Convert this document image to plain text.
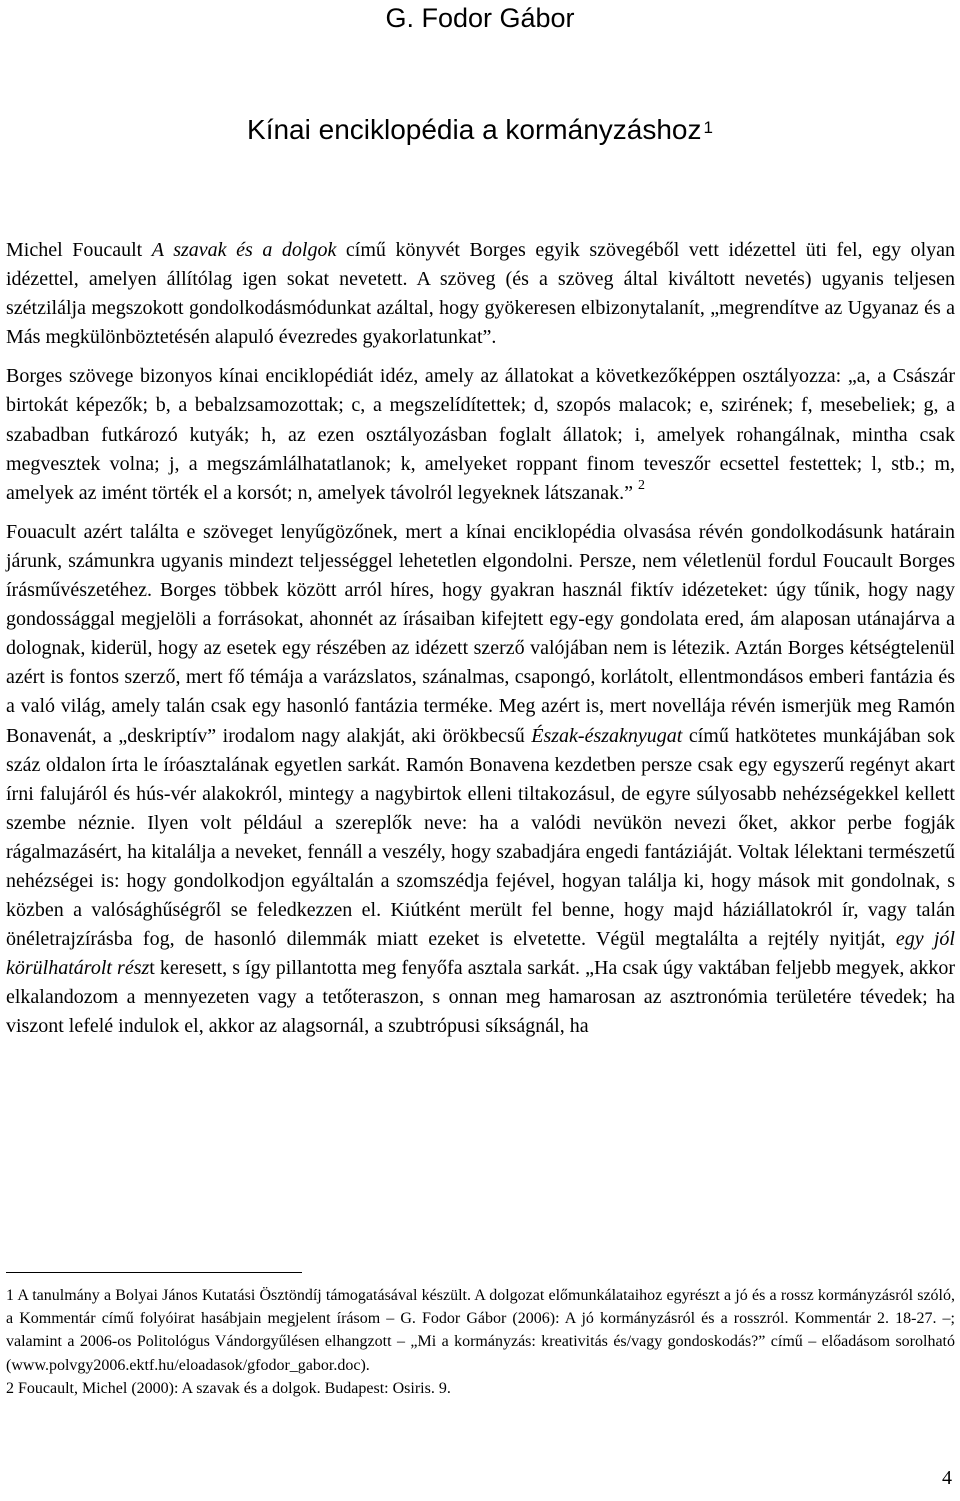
G. Fodor Gábor
Kínai enciklopédia a kormányzáshoz $^1$

Michel Foucault A szavak és a dolgok című könyvét Borges egyik szövegéből vett idézettel üti fel, egy olyan idézettel, amelyen állítólag igen sokat nevetett. A szöveg (és a szöveg által kiváltott nevetés) ugyanis teljesen szétzilálja megszokott gondolkodásmódunkat azáltal, hogy gyökeresen elbizonytalanít, „megrendítve az Ugyanaz és a Más megkülönböztetésén alapuló évezredes gyakorlatunkat”.

Borges szövege bizonyos kínai enciklopédiát idéz, amely az állatokat a következőképpen osztályozza: „a, a Császár birtokát képezők; b, a bebalzsamozottak; c, a megszelídítettek; d, szopós malacok; e, szirének; f, mesebeliek; g, a szabadban futkározó kutyák; h, az ezen osztályozásban foglalt állatok; i, amelyek rohangálnak, mintha csak megvesztek volna; j, a megszámlálhatatlanok; k, amelyeket roppant finom teveszőr ecsettel festettek; l, stb.; m, amelyek az imént törték el a korsót; n, amelyek távolról legyeknek látszanak.” $^2$

Fouacult azért találta e szöveget lenyűgözőnek, mert a kínai enciklopédia olvasása révén gondolkodásunk határain járunk, számunkra ugyanis mindezt teljességgel lehetetlen elgondolni. Persze, nem véletlenül fordul Foucault Borges írásművészetéhez. Borges többek között arról híres, hogy gyakran használ fiktív idézeteket: úgy tűnik, hogy nagy gondossággal megjelöli a forrásokat, ahonnét az írásaiban kifejtett egy-egy gondolata ered, ám alaposan utánajárva a dolognak, kiderül, hogy az esetek egy részében az idézett szerző valójában nem is létezik. Aztán Borges kétségtelenül azért is fontos szerző, mert fő témája a varázslatos, szánalmas, csapongó, korlátolt, ellentmondásos emberi fantázia és a való világ, amely talán csak egy hasonló fantázia terméke. Meg azért is, mert novellája révén ismerjük meg Ramón Bonavenát, a „deskriptív” irodalom nagy alakját, aki örökbecsű Észak-északnyugat című hatkötetes munkájában sok száz oldalon írta le íróasztalának egyetlen sarkát. Ramón Bonavena kezdetben persze csak egy egyszerű regényt akart írni falujáról és hús-vér alakokról, mintegy a nagybirtok elleni tiltakozásul, de egyre súlyosabb nehézségekkel kellett szembe néznie. Ilyen volt például a szereplők neve: ha a valódi nevükön nevezi őket, akkor perbe fogják rágalmazásért, ha kitalálja a neveket, fennáll a veszély, hogy szabadjára engedi fantáziáját. Voltak lélektani természetű nehézségei is: hogy gondolkodjon egyáltalán a szomszédja fejével, hogyan találja ki, hogy mások mit gondolnak, s közben a valósághűségről se feledkezzen el. Kiútként merült fel benne, hogy majd háziállatokról ír, vagy talán önéletrajzírásba fog, de hasonló dilemmák miatt ezeket is elvetette. Végül megtalálta a rejtély nyitját, egy jól körülhatárolt részt keresett, s így pillantotta meg fenyőfa asztala sarkát. „Ha csak úgy vaktában feljebb megyek, akkor elkalandozom a mennyezeten vagy a tetőteraszon, s onnan meg hamarosan az asztronómia területére tévedek; ha viszont lefelé indulok el, akkor az alagsornál, a szubtrópusi síkságnál, ha

1 A tanulmány a Bolyai János Kutatási Ösztöndíj támogatásával készült. A dolgozat előmunkálataihoz egyrészt a jó és a rossz kormányzásról szóló, a Kommentár című folyóirat hasábjain megjelent írásom – G. Fodor Gábor (2006): A jó kormányzásról és a rosszról. Kommentár 2. 18-27. –; valamint a 2006-os Politológus Vándorgyűlésen elhangzott – „Mi a kormányzás: kreativitás és/vagy gondoskodás?” című – előadásom sorolható (www.polvgy2006.ektf.hu/eloadasok/gfodor_gabor.doc).

2 Foucault, Michel (2000): A szavak és a dolgok. Budapest: Osiris. 9.

4
